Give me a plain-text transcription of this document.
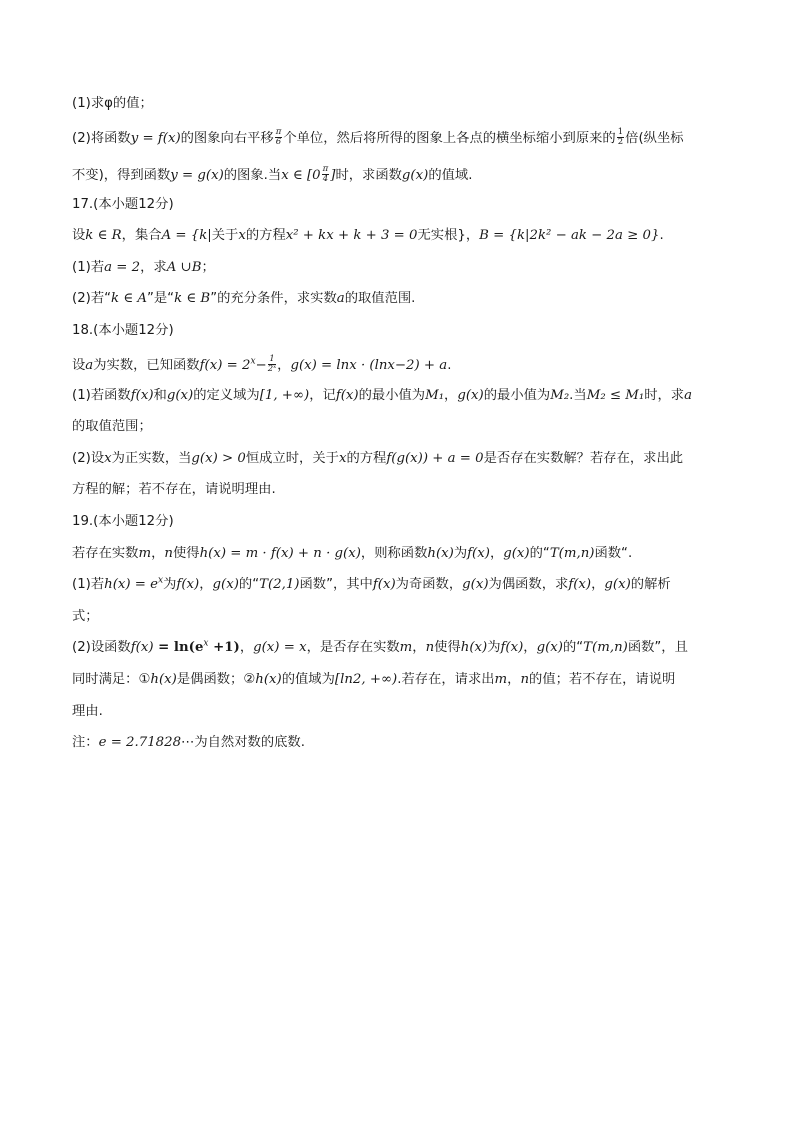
(1)求φ的值；
(2)将函数y = f(x)的图象向右平移 $\frac{\pi}{6}$ 个单位，然后将所得的图象上各点的横坐标缩小到原来的 $\frac{1}{2}$ 倍(纵坐标
不变)，得到函数y = g(x)的图象.当x ∈ [$0 \frac{\pi}{4}$ ]时，求函数g(x)的值域.
17.(本小题12分)
设k ∈ R，集合A = {k|关于x的方程x² + kx + k + 3 = 0无实根}，B = {k|2k² − ak − 2a ≥ 0}.
(1)若a = 2，求A ∪B；
(2)若“k ∈ A”是“k ∈ B”的充分条件，求实数a的取值范围.
18.(本小题12分)
设a为实数，已知函数$f(x) = 2^x- \frac{1}{\text{2ˣ}}$ ，g(x) = lnx · (lnx−2) + a.
(1)若函数f(x)和g(x)的定义域为[1, +∞)，记f(x)的最小值为M₁，g(x)的最小值为M₂.当M₂ ≤ M₁时，求a
的取值范围；
(2)设x为正实数，当g(x) > 0恒成立时，关于x的方程f(g(x)) + a = 0是否存在实数解？若存在，求出此
方程的解；若不存在，请说明理由.
19.(本小题12分)
若存在实数m，n使得h(x) = m · f(x) + n · g(x)，则称函数h(x)为f(x)，g(x)的“T(m,n)函数“.
(1)若$h(x) = e^x$为f(x)，g(x)的“T(2,1)函数”，其中f(x)为奇函数，g(x)为偶函数，求f(x)，g(x)的解析
式；
(2)设函数$f(x) = \ln(e^x +1)$，g(x) = x，是否存在实数m，n使得h(x)为f(x)，g(x)的“T(m,n)函数”，且
同时满足：①h(x)是偶函数；②h(x)的值域为[ln2, +∞).若存在，请求出m，n的值；若不存在，请说明
理由.
注：e = 2.71828⋯为自然对数的底数.
